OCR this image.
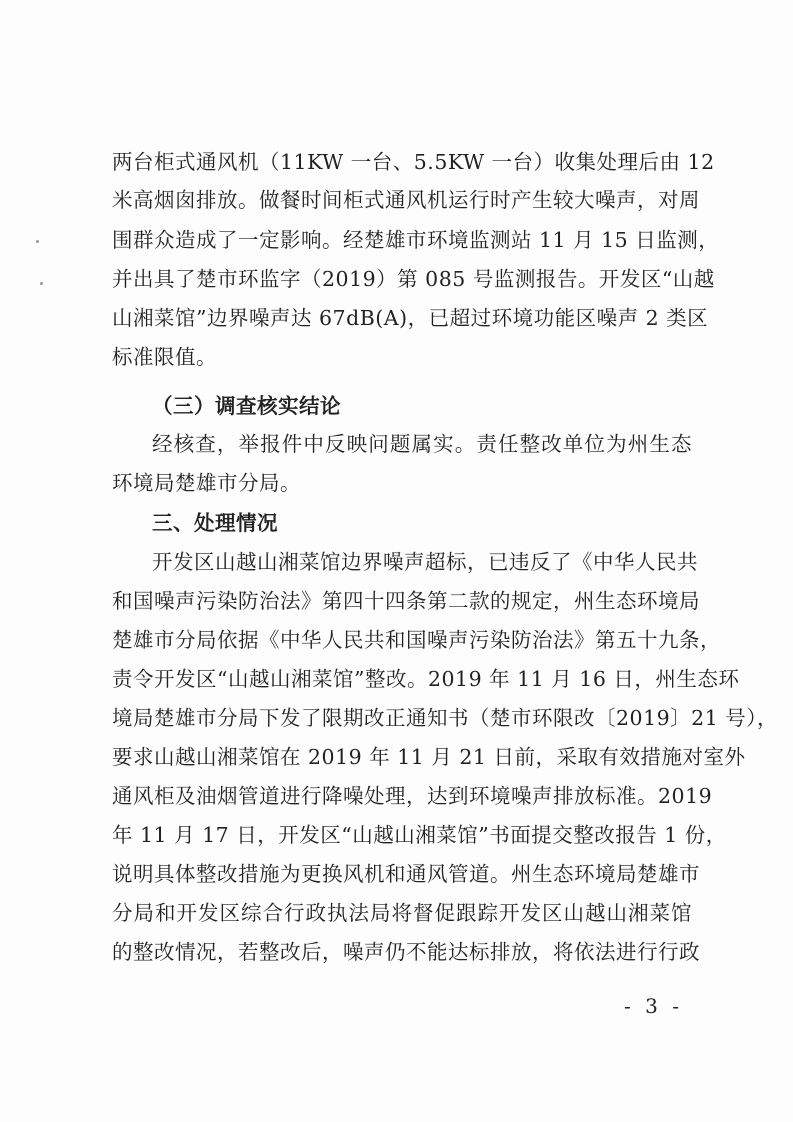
两台柜式通风机（11KW 一台、5.5KW 一台）收集处理后由 12
米高烟囱排放。做餐时间柜式通风机运行时产生较大噪声，对周
围群众造成了一定影响。经楚雄市环境监测站 11 月 15 日监测，
并出具了楚市环监字（2019）第 085 号监测报告。开发区“山越
山湘菜馆”边界噪声达 67dB(A)，已超过环境功能区噪声 2 类区
标准限值。
（三）调查核实结论
经核查，举报件中反映问题属实。责任整改单位为州生态
环境局楚雄市分局。
三、处理情况
开发区山越山湘菜馆边界噪声超标，已违反了《中华人民共
和国噪声污染防治法》第四十四条第二款的规定，州生态环境局
楚雄市分局依据《中华人民共和国噪声污染防治法》第五十九条，
责令开发区“山越山湘菜馆”整改。2019 年 11 月 16 日，州生态环
境局楚雄市分局下发了限期改正通知书（楚市环限改〔2019〕21 号），
要求山越山湘菜馆在 2019 年 11 月 21 日前，采取有效措施对室外
通风柜及油烟管道进行降噪处理，达到环境噪声排放标准。2019
年 11 月 17 日，开发区“山越山湘菜馆”书面提交整改报告 1 份，
说明具体整改措施为更换风机和通风管道。州生态环境局楚雄市
分局和开发区综合行政执法局将督促跟踪开发区山越山湘菜馆
的整改情况，若整改后，噪声仍不能达标排放，将依法进行行政
- 3 -
